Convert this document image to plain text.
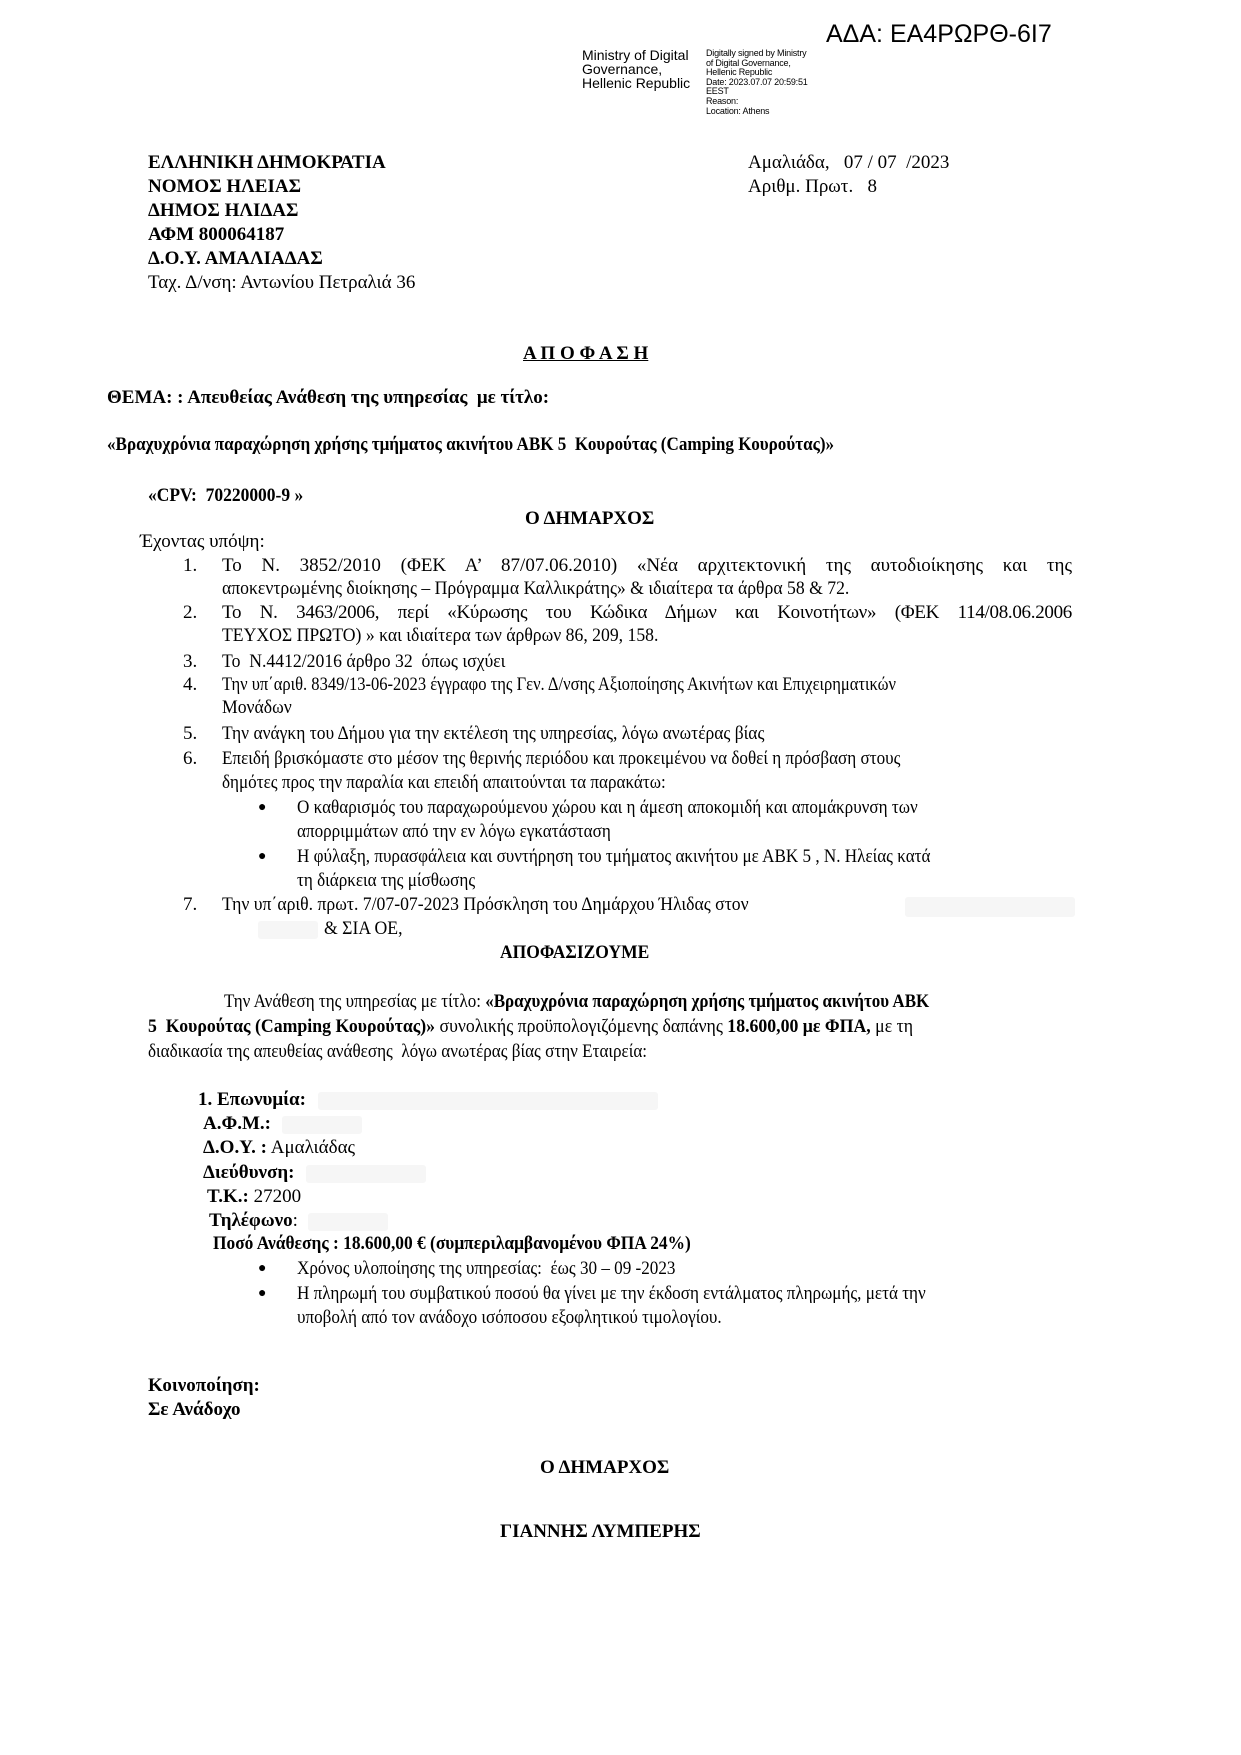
ΑΔΑ: ΕΑ4ΡΩΡΘ-6Ι7
Ministry of Digital
Governance,
Hellenic Republic
Digitally signed by Ministry
of Digital Governance,
Hellenic Republic
Date: 2023.07.07 20:59:51
EEST
Reason:
Location: Athens
ΕΛΛΗΝΙΚΗ ΔΗΜΟΚΡΑΤΙΑ
ΝΟΜΟΣ ΗΛΕΙΑΣ
ΔΗΜΟΣ ΗΛΙΔΑΣ
ΑΦΜ 800064187
Δ.Ο.Υ. ΑΜΑΛΙΑΔΑΣ
Ταχ. Δ/νση: Αντωνίου Πετραλιά 36
Αμαλιάδα,   07 / 07  /2023
Αριθμ. Πρωτ.   8
Α Π Ο Φ Α Σ Η
ΘΕΜΑ: : Απευθείας Ανάθεση της υπηρεσίας  με τίτλο:
«Βραχυχρόνια παραχώρηση χρήσης τμήματος ακινήτου ΑΒΚ 5  Κουρούτας (Camping Κουρούτας)»
«CPV:  70220000-9 »
Ο ΔΗΜΑΡΧΟΣ
Έχοντας υπόψη:
1. Το Ν. 3852/2010 (ΦΕΚ Α’ 87/07.06.2010) «Νέα αρχιτεκτονική της αυτοδιοίκησης και της
αποκεντρωμένης διοίκησης – Πρόγραμμα Καλλικράτης» & ιδιαίτερα τα άρθρα 58 & 72.
2. Το Ν. 3463/2006, περί «Κύρωσης του Κώδικα Δήμων και Κοινοτήτων» (ΦΕΚ 114/08.06.2006
ΤΕΥΧΟΣ ΠΡΩΤΟ) » και ιδιαίτερα των άρθρων 86, 209, 158.
3. Το  Ν.4412/2016 άρθρο 32  όπως ισχύει
4. Την υπ΄αριθ. 8349/13-06-2023 έγγραφο της Γεν. Δ/νσης Αξιοποίησης Ακινήτων και Επιχειρηματικών
Μονάδων
5. Την ανάγκη του Δήμου για την εκτέλεση της υπηρεσίας, λόγω ανωτέρας βίας
6. Επειδή βρισκόμαστε στο μέσον της θερινής περιόδου και προκειμένου να δοθεί η πρόσβαση στους
δημότες προς την παραλία και επειδή απαιτούνται τα παρακάτω:
● Ο καθαρισμός του παραχωρούμενου χώρου και η άμεση αποκομιδή και απομάκρυνση των
απορριμμάτων από την εν λόγω εγκατάσταση
● Η φύλαξη, πυρασφάλεια και συντήρηση του τμήματος ακινήτου με ΑΒΚ 5 , Ν. Ηλείας κατά
τη διάρκεια της μίσθωσης
7. Την υπ΄αριθ. πρωτ. 7/07-07-2023 Πρόσκληση του Δημάρχου Ήλιδας στον
& ΣΙΑ ΟΕ,
ΑΠΟΦΑΣΙΖΟΥΜΕ
Την Ανάθεση της υπηρεσίας με τίτλο: «Βραχυχρόνια παραχώρηση χρήσης τμήματος ακινήτου ΑΒΚ
5  Κουρούτας (Camping Κουρούτας)» συνολικής προϋπολογιζόμενης δαπάνης 18.600,00 με ΦΠΑ, με τη
διαδικασία της απευθείας ανάθεσης  λόγω ανωτέρας βίας στην Εταιρεία:
1. Επωνυμία:
Α.Φ.Μ.:
Δ.Ο.Υ. : Αμαλιάδας
Διεύθυνση:
Τ.Κ.: 27200
Τηλέφωνο:
Ποσό Ανάθεσης : 18.600,00 € (συμπεριλαμβανομένου ΦΠΑ 24%)
● Χρόνος υλοποίησης της υπηρεσίας:  έως 30 – 09 -2023
● Η πληρωμή του συμβατικού ποσού θα γίνει με την έκδοση εντάλματος πληρωμής, μετά την
υποβολή από τον ανάδοχο ισόποσου εξοφλητικού τιμολογίου.
Κοινοποίηση:
Σε Ανάδοχο
Ο ΔΗΜΑΡΧΟΣ
ΓΙΑΝΝΗΣ ΛΥΜΠΕΡΗΣ
